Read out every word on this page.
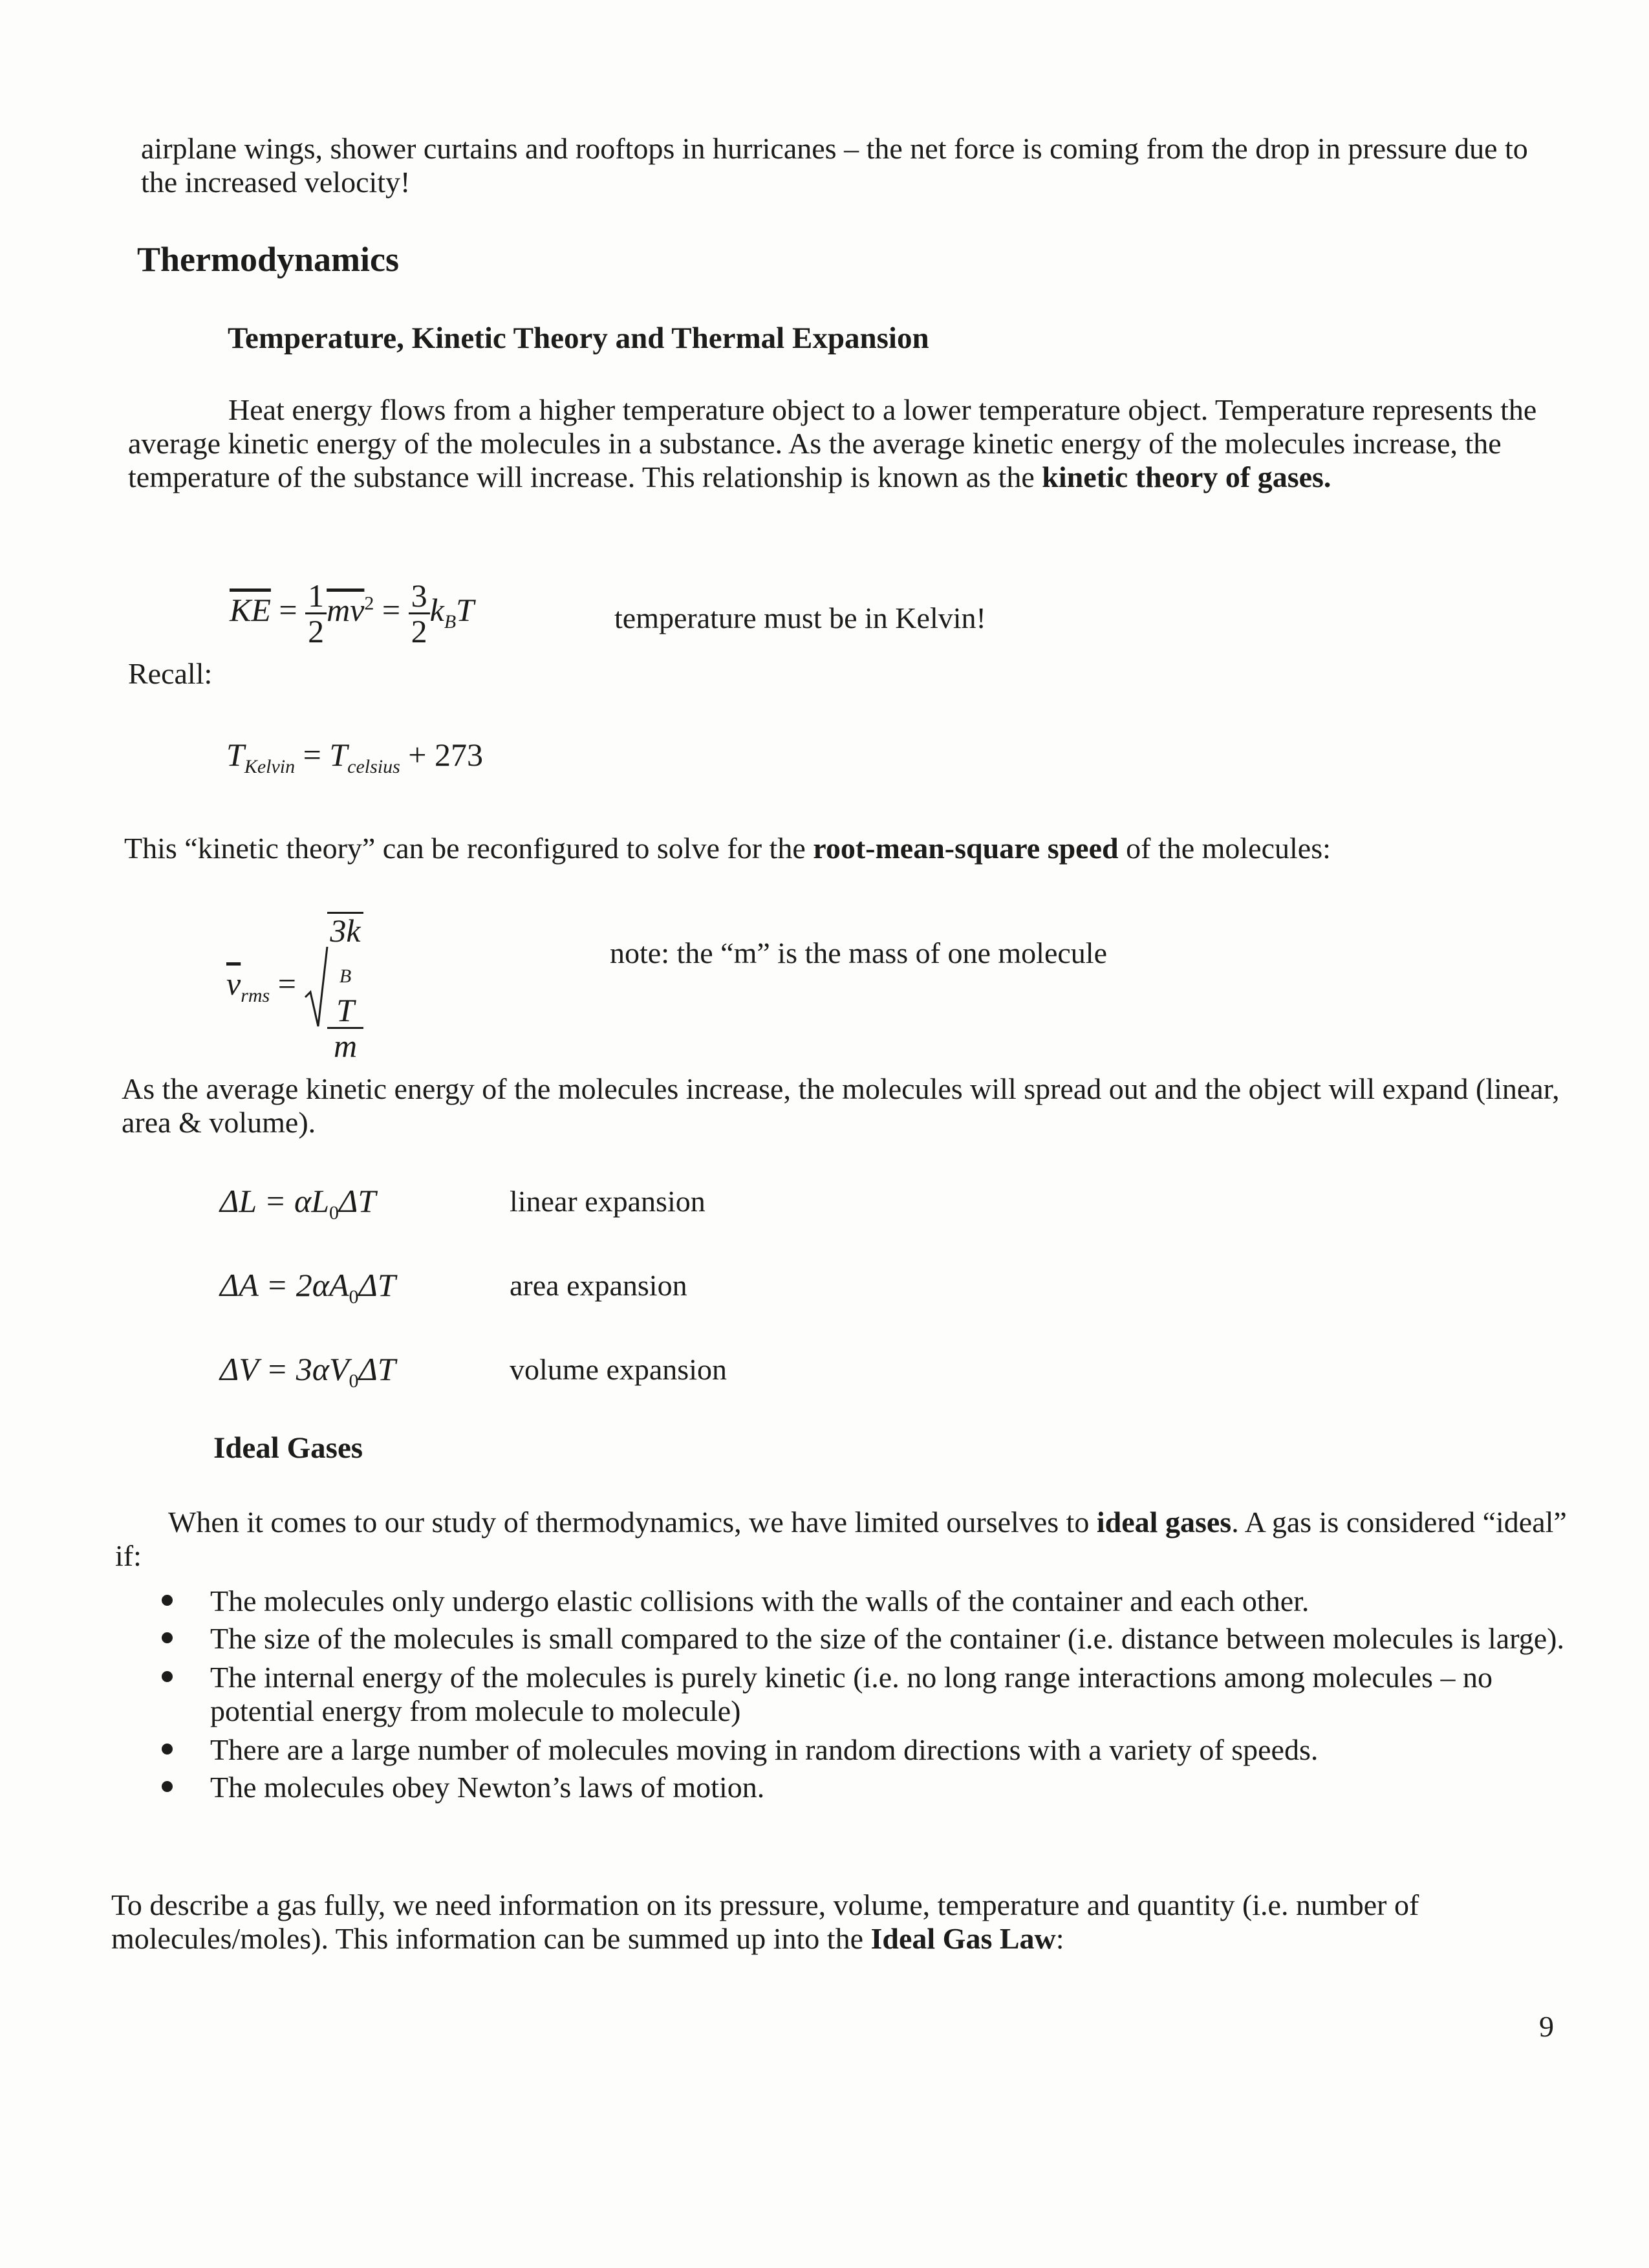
airplane wings, shower curtains and rooftops in hurricanes – the net force is coming from the drop in pressure due to the increased velocity!

Thermodynamics
Temperature, Kinetic Theory and Thermal Expansion

Heat energy flows from a higher temperature object to a lower temperature object. Temperature represents the average kinetic energy of the molecules in a substance. As the average kinetic energy of the molecules increase, the temperature of the substance will increase. This relationship is known as the kinetic theory of gases.

$\overline{KE} = \frac{1}{2} \overline{mv}^2 = \frac{3}{2} k_BT$	temperature must be in Kelvin!
Recall:
$T_{Kelvin} = T_{celsius} + 273$

This “kinetic theory” can be reconfigured to solve for the root-mean-square speed of the molecules:

$\overline{v}_{rms} = 3k$
$_B$
T
m	note: the “m” is the mass of one molecule

As the average kinetic energy of the molecules increase, the molecules will spread out and the object will expand (linear, area & volume).

$\Delta L = \alpha L_0\Delta T$	linear expansion
$\Delta A = 2\alpha A_0\Delta T$	area expansion
$\Delta V = 3\alpha V_0\Delta T$	volume expansion
Ideal Gases

When it comes to our study of thermodynamics, we have limited ourselves to ideal gases. A gas is considered “ideal” if:

The molecules only undergo elastic collisions with the walls of the container and each other.
The size of the molecules is small compared to the size of the container (i.e. distance between molecules is large).
The internal energy of the molecules is purely kinetic (i.e. no long range interactions among molecules – no potential energy from molecule to molecule)
There are a large number of molecules moving in random directions with a variety of speeds.
The molecules obey Newton’s laws of motion.

To describe a gas fully, we need information on its pressure, volume, temperature and quantity (i.e. number of molecules/moles). This information can be summed up into the Ideal Gas Law:

9
